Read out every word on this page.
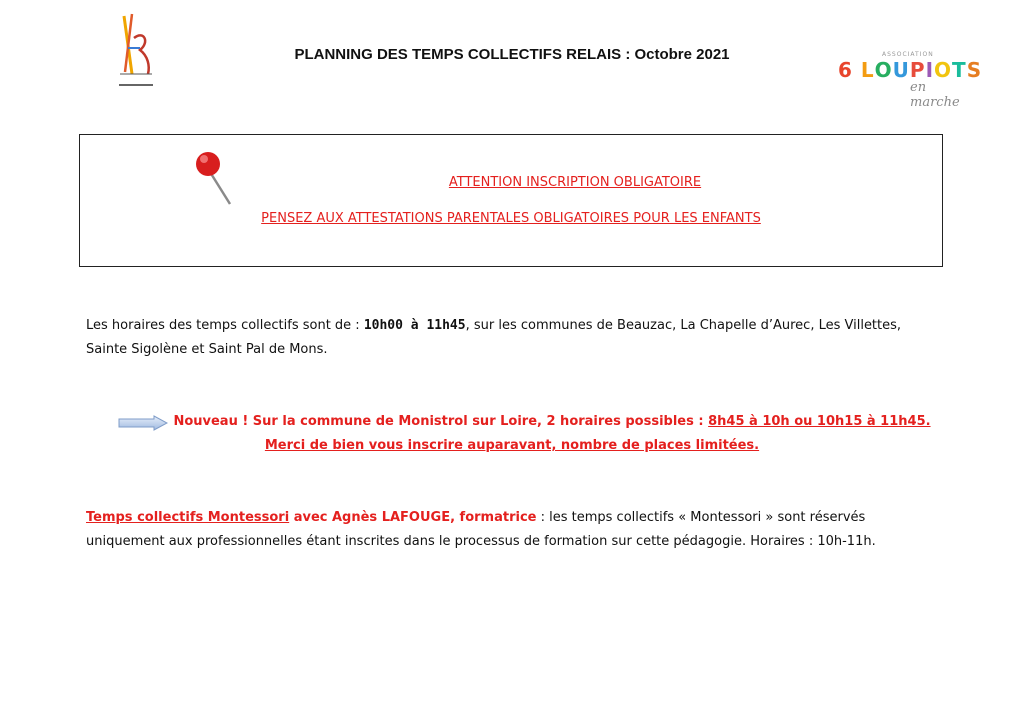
ASSOCIATION
6 LOUPIOTS
en marche
PLANNING DES TEMPS COLLECTIFS RELAIS : Octobre 2021
ATTENTION INSCRIPTION OBLIGATOIRE
PENSEZ AUX ATTESTATIONS PARENTALES OBLIGATOIRES POUR LES ENFANTS
Les horaires des temps collectifs sont de : 10h00 à 11h45, sur les communes de Beauzac, La Chapelle d’Aurec, Les Villettes, Sainte Sigolène et Saint Pal de Mons.
Nouveau ! Sur la commune de Monistrol sur Loire, 2 horaires possibles : 8h45 à 10h ou 10h15 à 11h45.
Merci de bien vous inscrire auparavant, nombre de places limitées.
Temps collectifs Montessori avec Agnès LAFOUGE, formatrice : les temps collectifs « Montessori » sont réservés uniquement aux professionnelles étant inscrites dans le processus de formation sur cette pédagogie. Horaires : 10h-11h.
